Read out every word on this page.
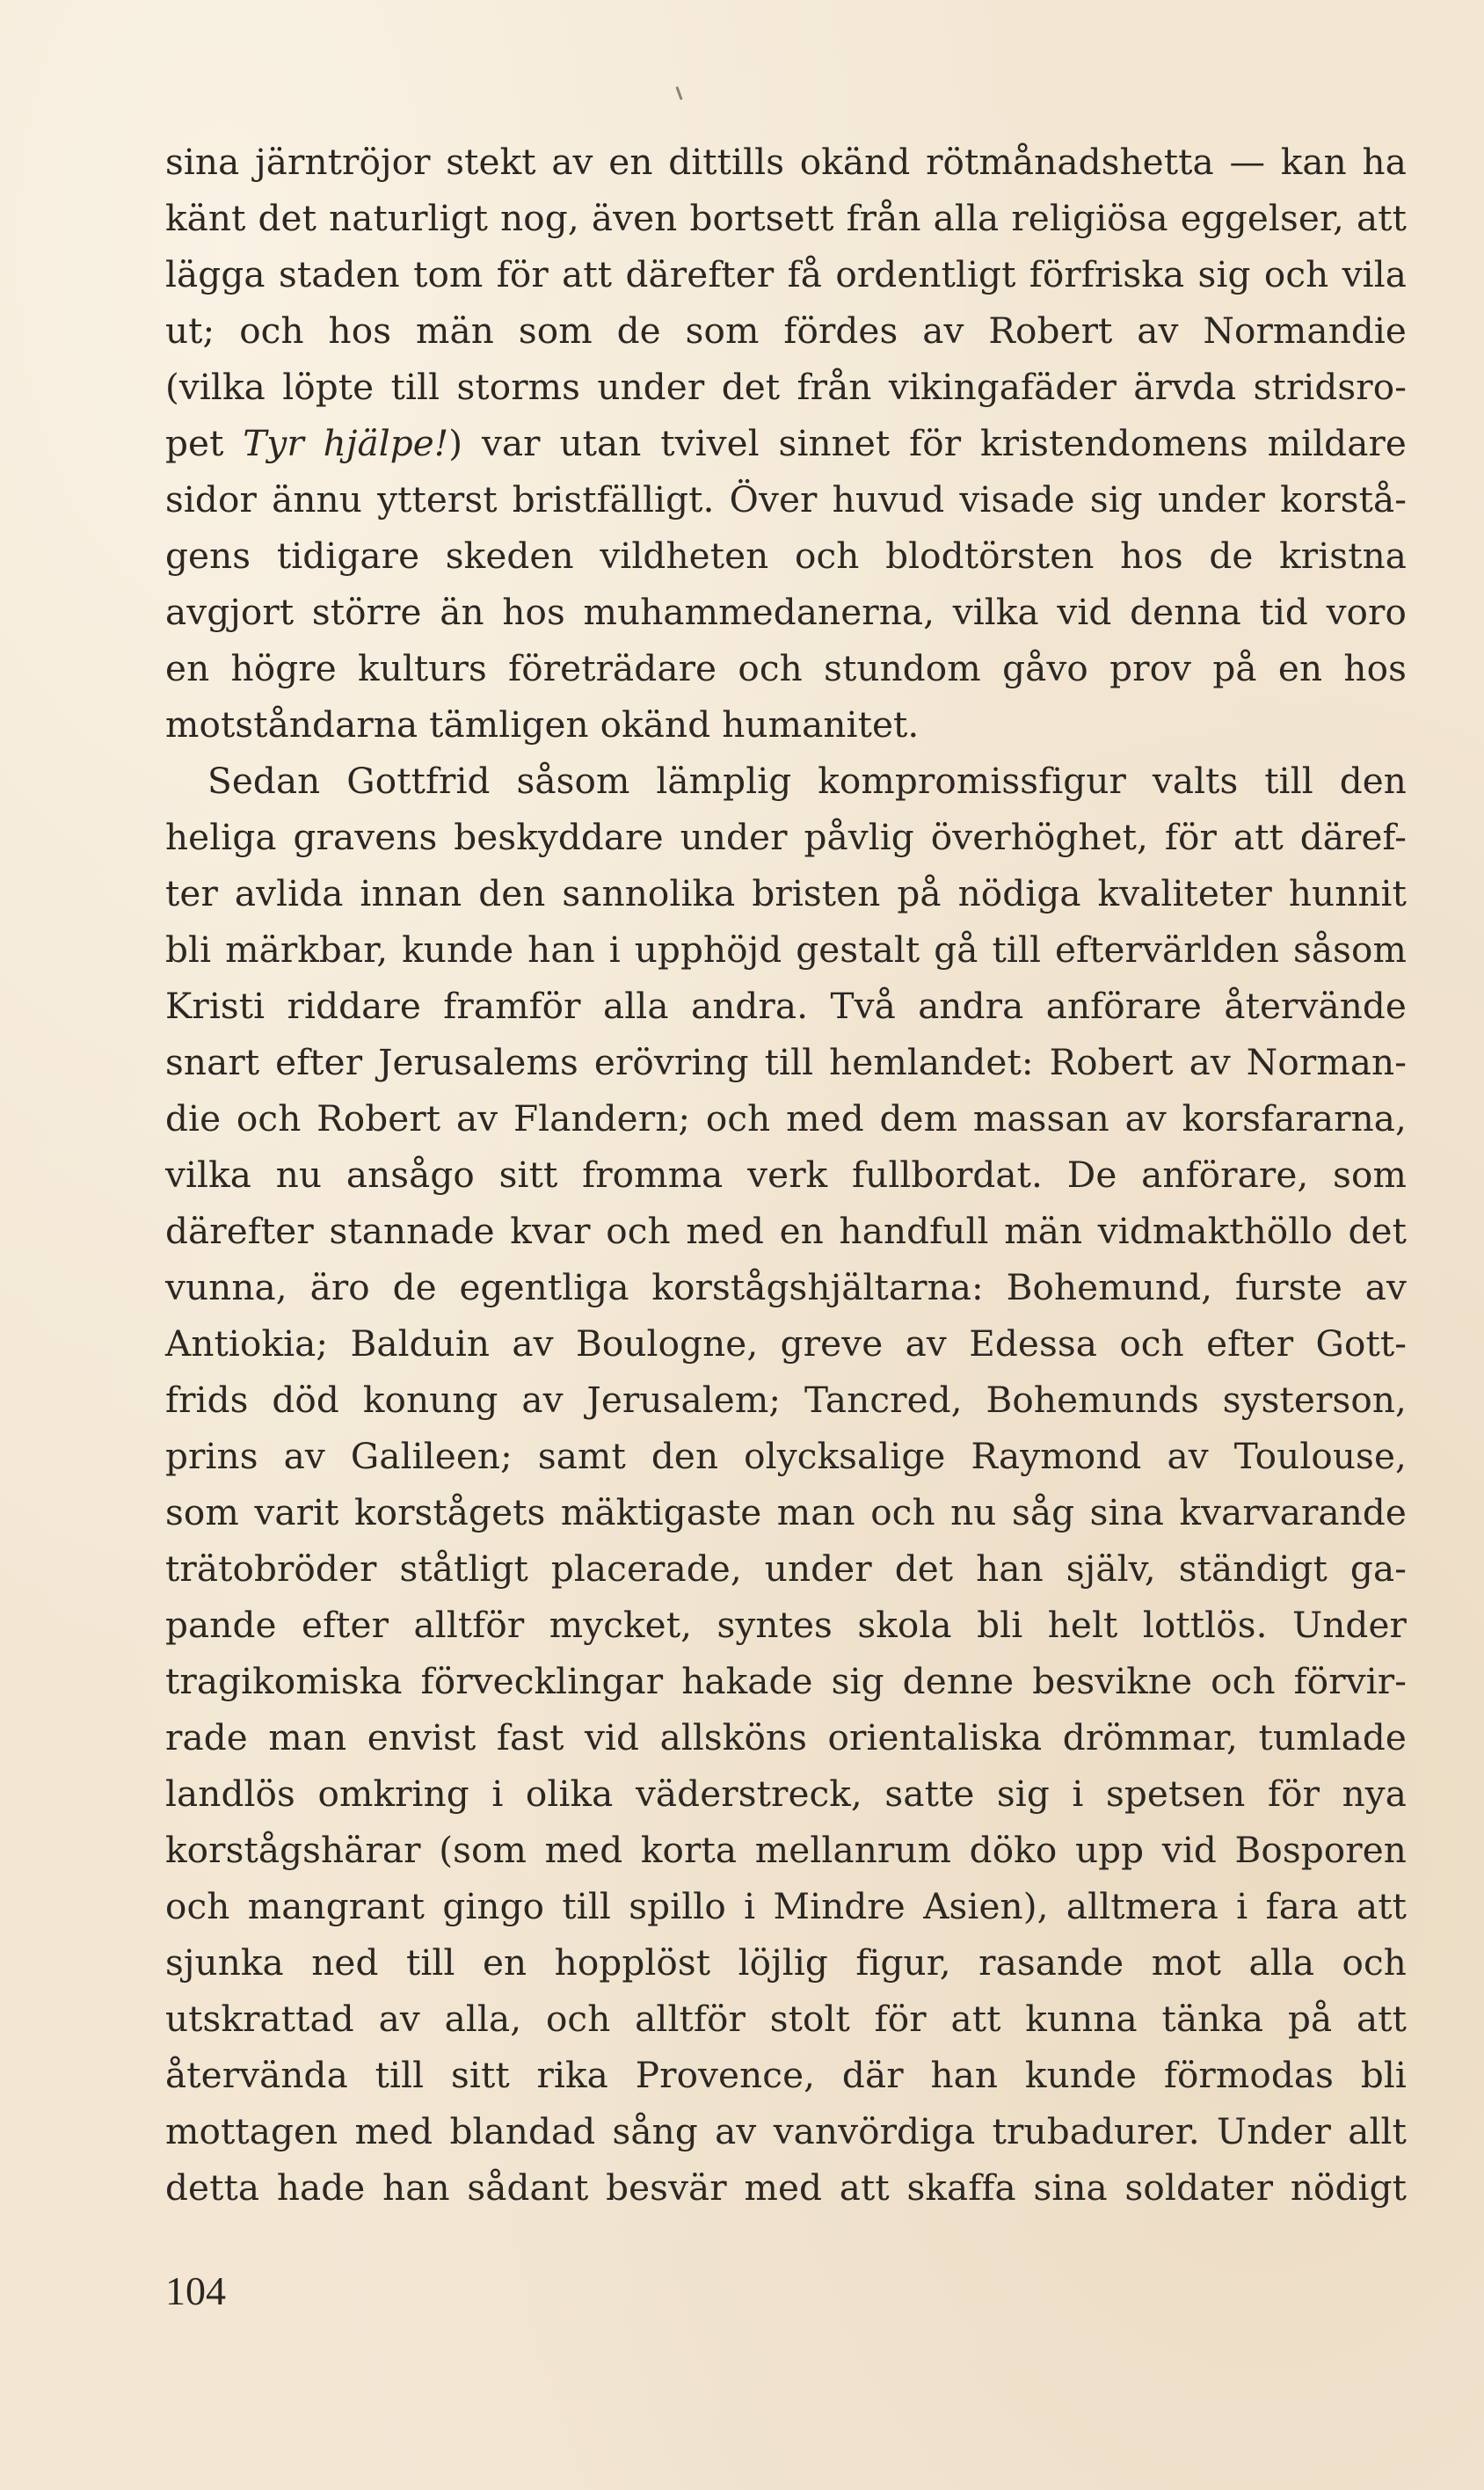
sina järntröjor stekt av en dittills okänd rötmånadshetta — kan ha
känt det naturligt nog, även bortsett från alla religiösa eggelser, att
lägga staden tom för att därefter få ordentligt förfriska sig och vila
ut; och hos män som de som fördes av Robert av Normandie
(vilka löpte till storms under det från vikingafäder ärvda stridsro-
pet Tyr hjälpe!) var utan tvivel sinnet för kristendomens mildare
sidor ännu ytterst bristfälligt. Över huvud visade sig under korstå-
gens tidigare skeden vildheten och blodtörsten hos de kristna
avgjort större än hos muhammedanerna, vilka vid denna tid voro
en högre kulturs företrädare och stundom gåvo prov på en hos
motståndarna tämligen okänd humanitet.
Sedan Gottfrid såsom lämplig kompromissfigur valts till den
heliga gravens beskyddare under påvlig överhöghet, för att däref-
ter avlida innan den sannolika bristen på nödiga kvaliteter hunnit
bli märkbar, kunde han i upphöjd gestalt gå till eftervärlden såsom
Kristi riddare framför alla andra. Två andra anförare återvände
snart efter Jerusalems erövring till hemlandet: Robert av Norman-
die och Robert av Flandern; och med dem massan av korsfararna,
vilka nu ansågo sitt fromma verk fullbordat. De anförare, som
därefter stannade kvar och med en handfull män vidmakthöllo det
vunna, äro de egentliga korstågshjältarna: Bohemund, furste av
Antiokia; Balduin av Boulogne, greve av Edessa och efter Gott-
frids död konung av Jerusalem; Tancred, Bohemunds systerson,
prins av Galileen; samt den olycksalige Raymond av Toulouse,
som varit korstågets mäktigaste man och nu såg sina kvarvarande
trätobröder ståtligt placerade, under det han själv, ständigt ga-
pande efter alltför mycket, syntes skola bli helt lottlös. Under
tragikomiska förvecklingar hakade sig denne besvikne och förvir-
rade man envist fast vid allsköns orientaliska drömmar, tumlade
landlös omkring i olika väderstreck, satte sig i spetsen för nya
korstågshärar (som med korta mellanrum döko upp vid Bosporen
och mangrant gingo till spillo i Mindre Asien), alltmera i fara att
sjunka ned till en hopplöst löjlig figur, rasande mot alla och
utskrattad av alla, och alltför stolt för att kunna tänka på att
återvända till sitt rika Provence, där han kunde förmodas bli
mottagen med blandad sång av vanvördiga trubadurer. Under allt
detta hade han sådant besvär med att skaffa sina soldater nödigt
104
